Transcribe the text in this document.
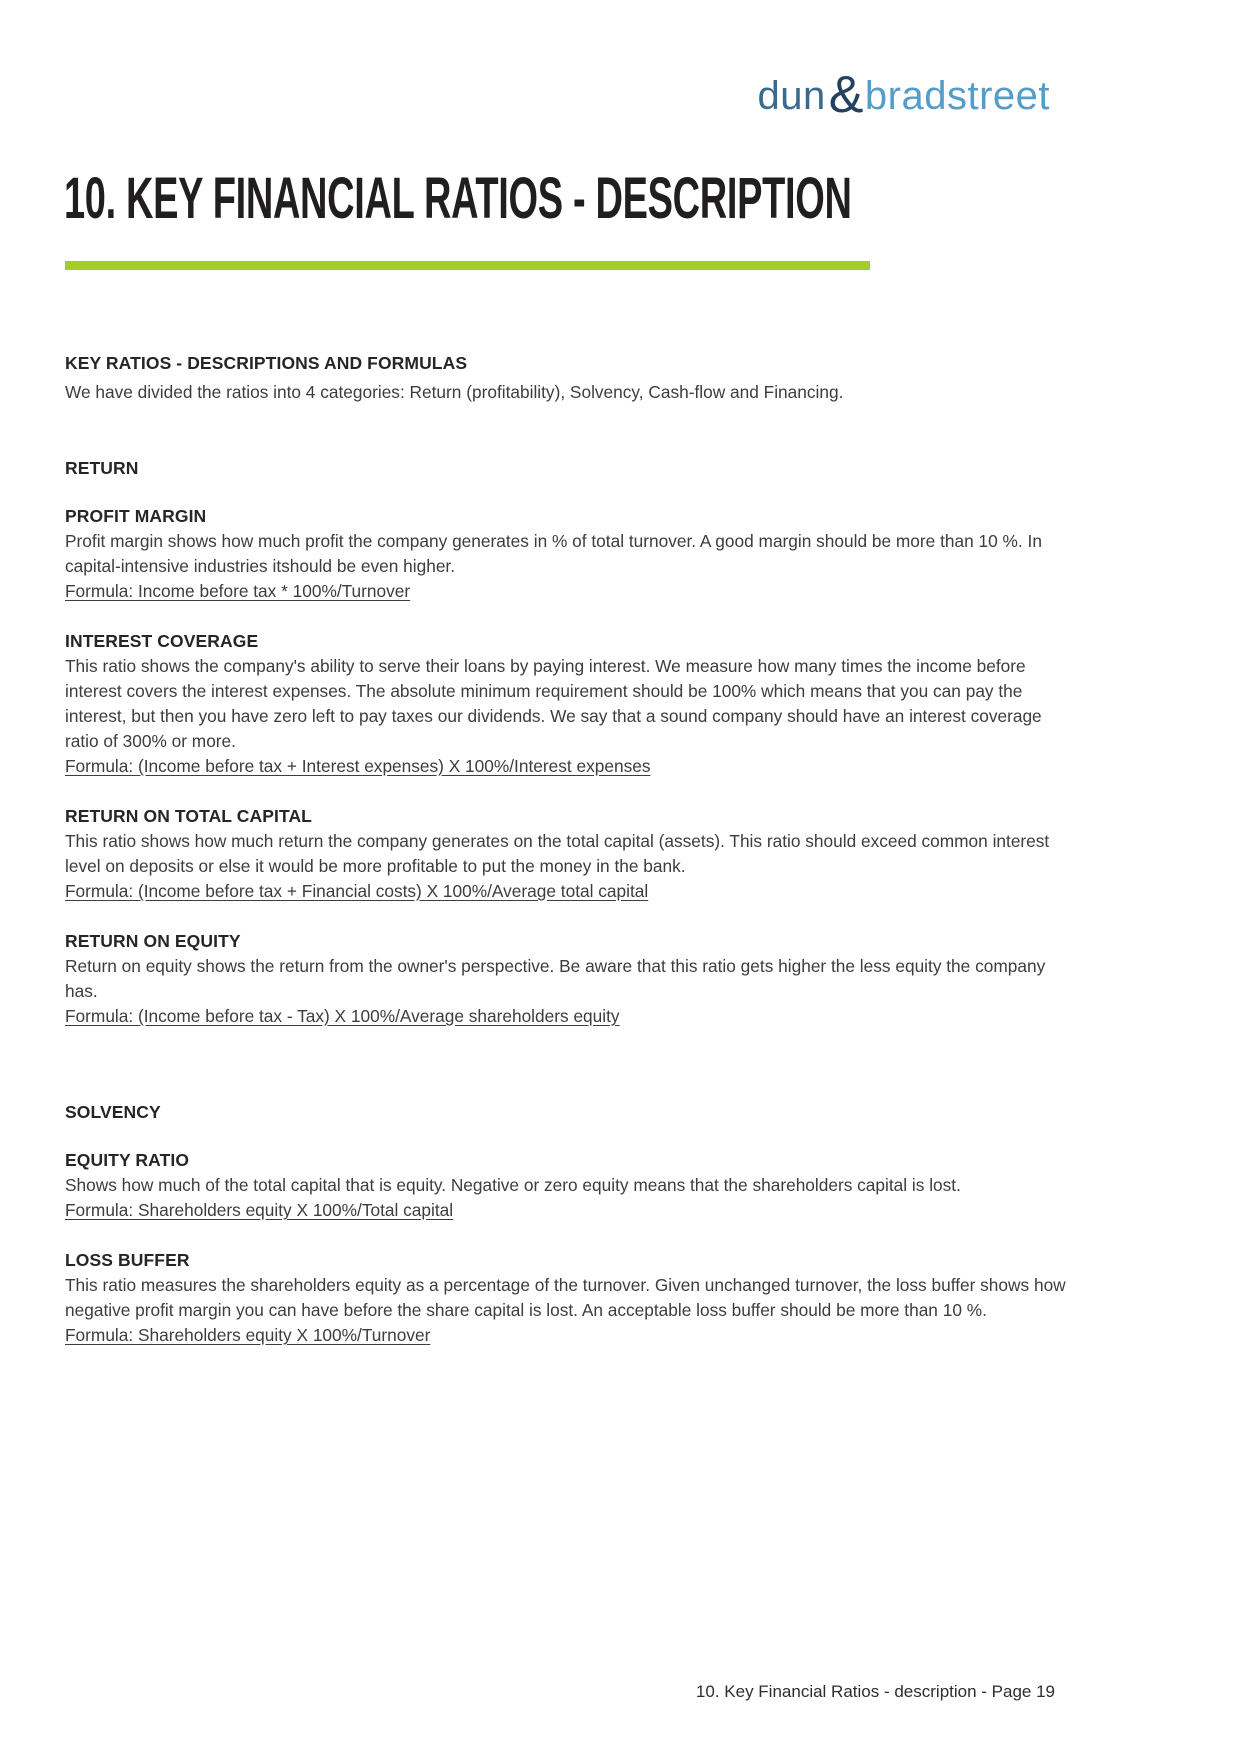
dun & bradstreet
10. KEY FINANCIAL RATIOS - DESCRIPTION
KEY RATIOS - DESCRIPTIONS AND FORMULAS

We have divided the ratios into 4 categories: Return (profitability), Solvency, Cash-flow and Financing.

RETURN
PROFIT MARGIN

Profit margin shows how much profit the company generates in % of total turnover. A good margin should be more than 10 %. In capital-intensive industries itshould be even higher.

Formula: Income before tax * 100%/Turnover

INTEREST COVERAGE

This ratio shows the company's ability to serve their loans by paying interest. We measure how many times the income before interest covers the interest expenses. The absolute minimum requirement should be 100% which means that you can pay the interest, but then you have zero left to pay taxes our dividends. We say that a sound company should have an interest coverage ratio of 300% or more.

Formula: (Income before tax + Interest expenses) X 100%/Interest expenses

RETURN ON TOTAL CAPITAL

This ratio shows how much return the company generates on the total capital (assets). This ratio should exceed common interest level on deposits or else it would be more profitable to put the money in the bank.

Formula: (Income before tax + Financial costs) X 100%/Average total capital

RETURN ON EQUITY

Return on equity shows the return from the owner's perspective. Be aware that this ratio gets higher the less equity the company has.

Formula: (Income before tax - Tax) X 100%/Average shareholders equity

SOLVENCY
EQUITY RATIO

Shows how much of the total capital that is equity. Negative or zero equity means that the shareholders capital is lost.

Formula: Shareholders equity X 100%/Total capital

LOSS BUFFER

This ratio measures the shareholders equity as a percentage of the turnover. Given unchanged turnover, the loss buffer shows how negative profit margin you can have before the share capital is lost. An acceptable loss buffer should be more than 10 %.

Formula: Shareholders equity X 100%/Turnover

10. Key Financial Ratios - description - Page 19
